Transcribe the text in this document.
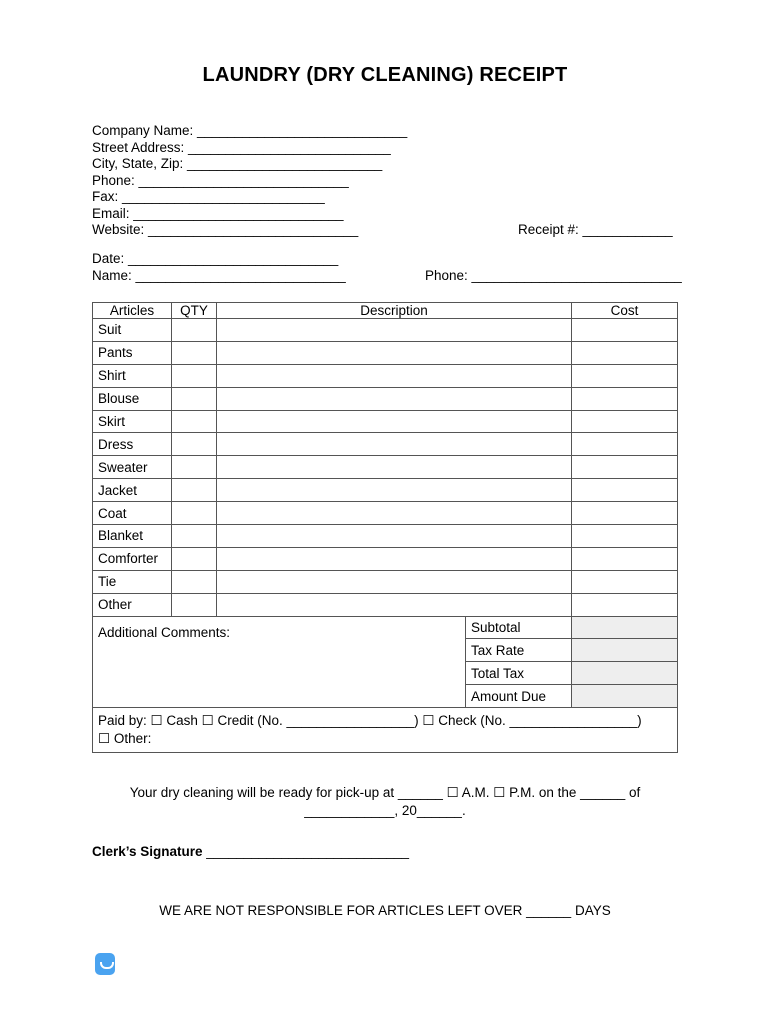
LAUNDRY (DRY CLEANING) RECEIPT
Company Name: ____________________________
Street Address: ___________________________
City, State, Zip: __________________________
Phone: ____________________________
Fax: ___________________________
Email: ____________________________
Website: ____________________________	Receipt #: ____________
Date: ____________________________
Name: ____________________________	Phone: ____________________________
Articles	QTY	Description		Cost
Suit				
Pants				
Shirt				
Blouse				
Skirt				
Dress				
Sweater				
Jacket				
Coat				
Blanket				
Comforter				
Tie				
Other				
Additional Comments:			Subtotal	
			Tax Rate	
			Total Tax	
			Amount Due	

Paid by: ☐ Cash ☐ Credit (No. _________________) ☐ Check (No. _________________)
☐ Other:				
Your dry cleaning will be ready for pick-up at ______ ☐ A.M. ☐ P.M. on the ______ of
____________, 20______.
Clerk’s Signature ___________________________
WE ARE NOT RESPONSIBLE FOR ARTICLES LEFT OVER ______ DAYS
